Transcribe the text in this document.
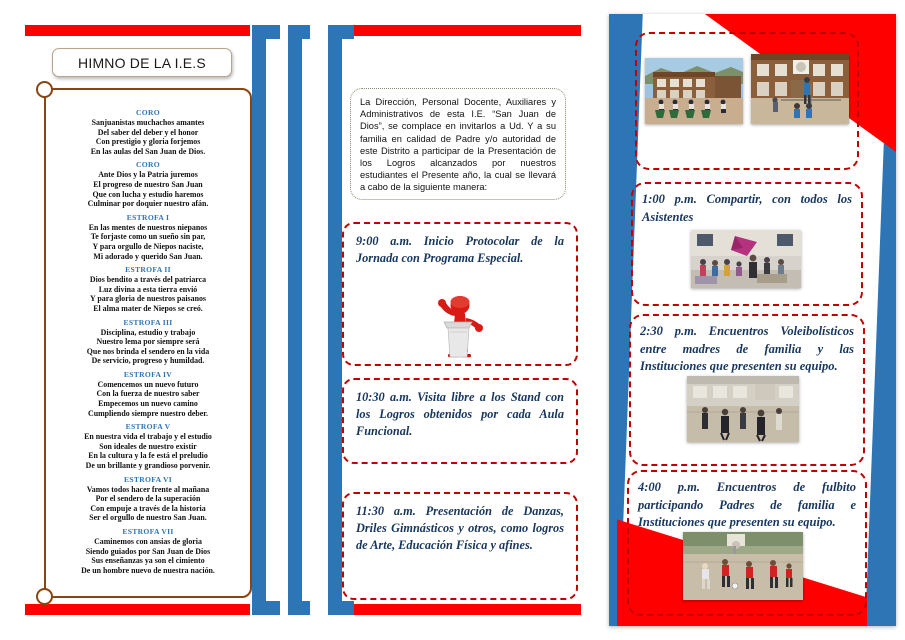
HIMNO DE LA I.E.S
CORO
Sanjuanistas muchachos amantes
Del saber del deber y el honor
Con prestigio y gloria forjemos
En las aulas del San Juan de Dios.
CORO
Ante Dios y la Patria juremos
El progreso de nuestro San Juan
Que con lucha y estudio haremos
Culminar por doquier nuestro afán.
ESTROFA I
En las mentes de nuestros niepanos
Te forjaste como un sueño sin par,
Y para orgullo de Niepos naciste,
Mi adorado y querido San Juan.
ESTROFA II
Dios bendito a través del patriarca
Luz divina a esta tierra envió
Y para gloria de nuestros paisanos
El alma mater de Niepos se creó.
ESTROFA III
Disciplina, estudio y trabajo
Nuestro lema por siempre será
Que nos brinda el sendero en la vida
De servicio, progreso y humildad.
ESTROFA IV
Comencemos un nuevo futuro
Con la fuerza de nuestro saber
Empecemos un nuevo camino
Cumpliendo siempre nuestro deber.
ESTROFA V
En nuestra vida el trabajo y el estudio
Son ideales de nuestro existir
En la cultura y la fe está el preludio
De un brillante y grandioso porvenir.
ESTROFA VI
Vamos todos hacer frente al mañana
Por el sendero de la superación
Con empuje a través de la historia
Ser el orgullo de nuestro San Juan.
ESTROFA VII
Caminemos con ansias de gloria
Siendo guiados por San Juan de Dios
Sus enseñanzas ya son el cimiento
De un hombre nuevo de nuestra nación.

La Dirección, Personal Docente, Auxiliares y Administrativos de esta I.E. “San Juan de Dios”, se complace en invitarlos a Ud. Y a su familia en calidad de Padre y/o autoridad de este Distrito a participar de la Presentación de los Logros alcanzados por nuestros estudiantes el Presente año, la cual se llevará a cabo de la siguiente manera:

9:00 a.m. Inicio Protocolar de la Jornada con Programa Especial.
10:30 a.m. Visita libre a los Stand con los Logros obtenidos por cada Aula Funcional.
11:30 a.m. Presentación de Danzas, Driles Gimnásticos y otros, como logros de Arte, Educación Física y afines.
1:00 p.m. Compartir, con todos los Asistentes
2:30 p.m. Encuentros Voleibolísticos entre madres de familia y las Instituciones que presenten su equipo.
4:00 p.m. Encuentros de fulbito participando Padres de familia e Instituciones que presenten su equipo.
